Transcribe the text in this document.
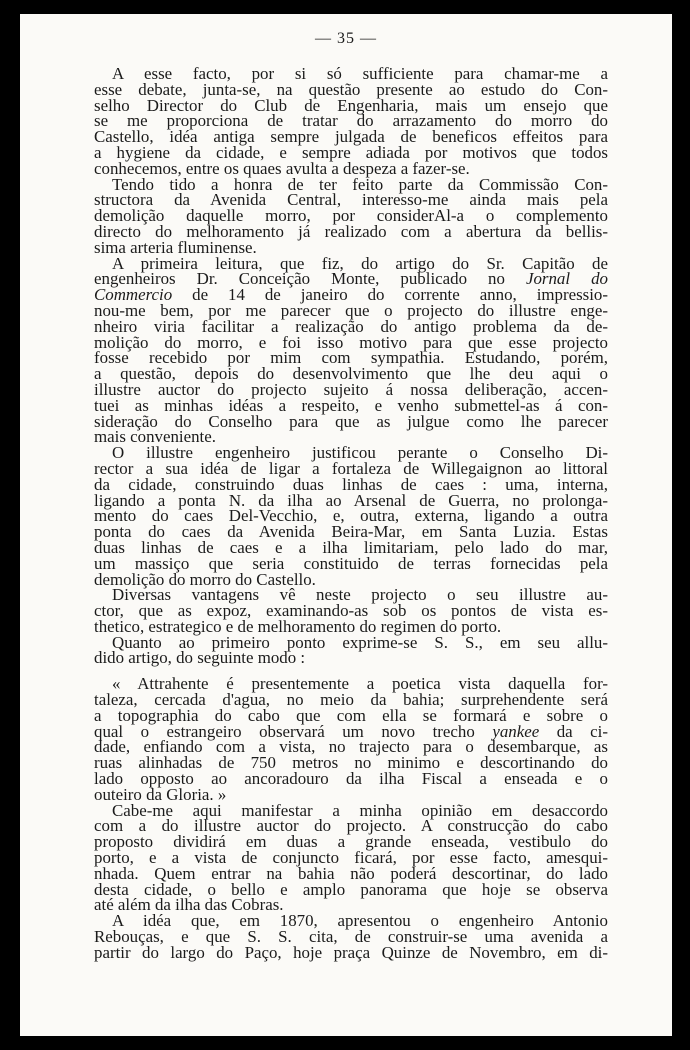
— 35 —
A esse facto, por si só sufficiente para chamar-me a
esse debate, junta-se, na questão presente ao estudo do Con-
selho Director do Club de Engenharia, mais um ensejo que
se me proporciona de tratar do arrazamento do morro do
Castello, idéa antiga sempre julgada de beneficos effeitos para
a hygiene da cidade, e sempre adiada por motivos que todos
conhecemos, entre os quaes avulta a despeza a fazer-se.
Tendo tido a honra de ter feito parte da Commissão Con-
structora da Avenida Central, interesso-me ainda mais pela
demolição daquelle morro, por considerAl-a o complemento
directo do melhoramento já realizado com a abertura da bellis-
sima arteria fluminense.
A primeira leitura, que fiz, do artigo do Sr. Capitão de
engenheiros Dr. Conceição Monte, publicado no Jornal do
Commercio de 14 de janeiro do corrente anno, impressio-
nou-me bem, por me parecer que o projecto do illustre enge-
nheiro viria facilitar a realização do antigo problema da de-
molição do morro, e foi isso motivo para que esse projecto
fosse recebido por mim com sympathia. Estudando, porém,
a questão, depois do desenvolvimento que lhe deu aqui o
illustre auctor do projecto sujeito á nossa deliberação, accen-
tuei as minhas idéas a respeito, e venho submettel-as á con-
sideração do Conselho para que as julgue como lhe parecer
mais conveniente.
O illustre engenheiro justificou perante o Conselho Di-
rector a sua idéa de ligar a fortaleza de Willegaignon ao littoral
da cidade, construindo duas linhas de caes : uma, interna,
ligando a ponta N. da ilha ao Arsenal de Guerra, no prolonga-
mento do caes Del-Vecchio, e, outra, externa, ligando a outra
ponta do caes da Avenida Beira-Mar, em Santa Luzia. Estas
duas linhas de caes e a ilha limitariam, pelo lado do mar,
um massiço que seria constituido de terras fornecidas pela
demolição do morro do Castello.
Diversas vantagens vê neste projecto o seu illustre au-
ctor, que as expoz, examinando-as sob os pontos de vista es-
thetico, estrategico e de melhoramento do regimen do porto.
Quanto ao primeiro ponto exprime-se S. S., em seu allu-
dido artigo, do seguinte modo :
« Attrahente é presentemente a poetica vista daquella for-
taleza, cercada d'agua, no meio da bahia; surprehendente será
a topographia do cabo que com ella se formará e sobre o
qual o estrangeiro observará um novo trecho yankee da ci-
dade, enfiando com a vista, no trajecto para o desembarque, as
ruas alinhadas de 750 metros no minimo e descortinando do
lado opposto ao ancoradouro da ilha Fiscal a enseada e o
outeiro da Gloria. »
Cabe-me aqui manifestar a minha opinião em desaccordo
com a do illustre auctor do projecto. A construcção do cabo
proposto dividirá em duas a grande enseada, vestibulo do
porto, e a vista de conjuncto ficará, por esse facto, amesqui-
nhada. Quem entrar na bahia não poderá descortinar, do lado
desta cidade, o bello e amplo panorama que hoje se observa
até além da ilha das Cobras.
A idéa que, em 1870, apresentou o engenheiro Antonio
Rebouças, e que S. S. cita, de construir-se uma avenida a
partir do largo do Paço, hoje praça Quinze de Novembro, em di-
